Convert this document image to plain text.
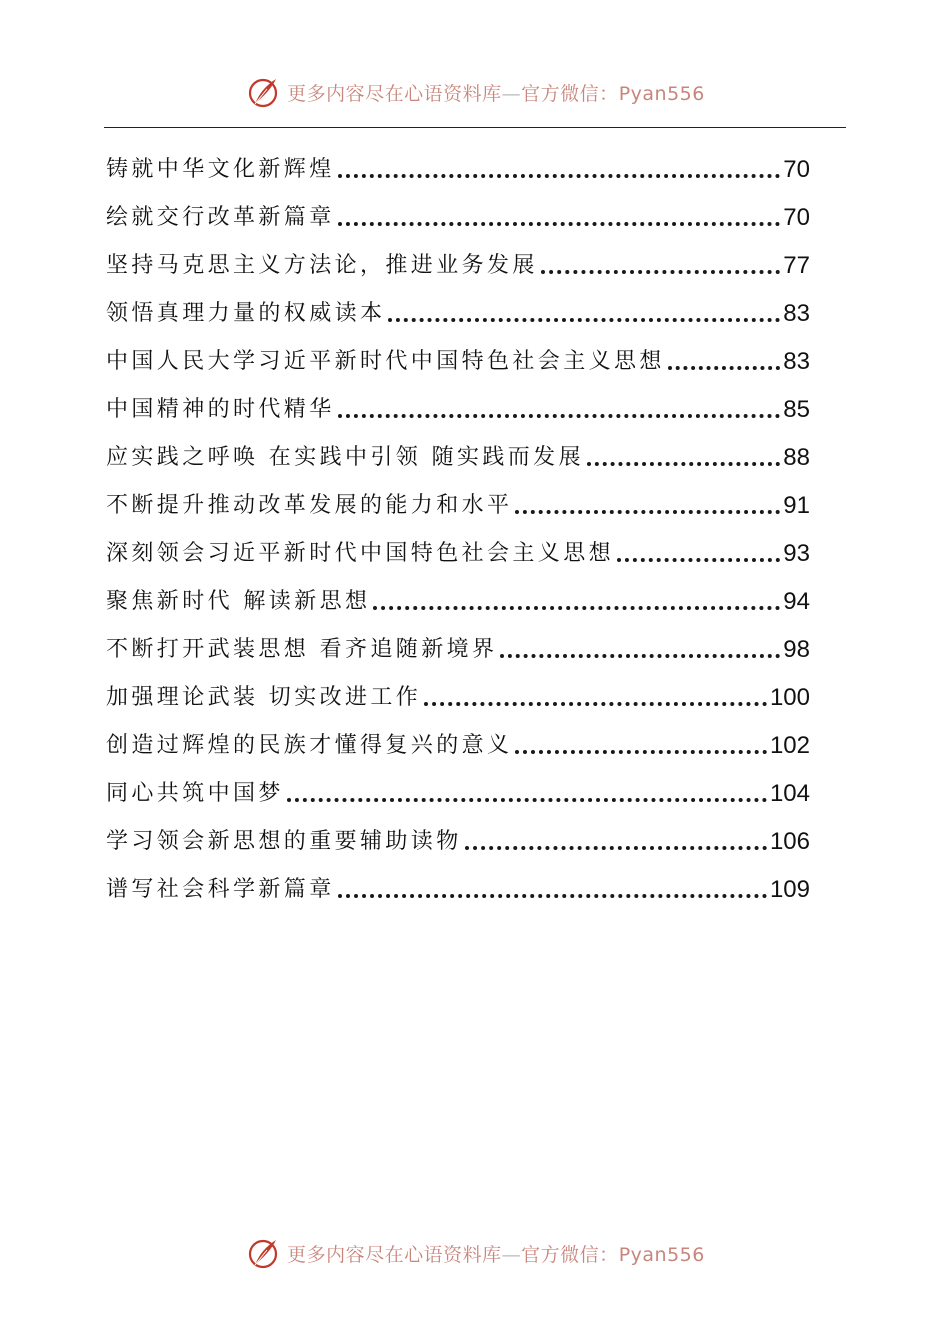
更多内容尽在心语资料库—官方微信：Pyan556
铸就中华文化新辉煌	70
绘就交行改革新篇章	70
坚持马克思主义方法论，推进业务发展	77
领悟真理力量的权威读本	83
中国人民大学习近平新时代中国特色社会主义思想	83
中国精神的时代精华	85
应实践之呼唤 在实践中引领 随实践而发展	88
不断提升推动改革发展的能力和水平	91
深刻领会习近平新时代中国特色社会主义思想	93
聚焦新时代 解读新思想	94
不断打开武装思想 看齐追随新境界	98
加强理论武装 切实改进工作	100
创造过辉煌的民族才懂得复兴的意义	102
同心共筑中国梦	104
学习领会新思想的重要辅助读物	106
谱写社会科学新篇章	109
更多内容尽在心语资料库—官方微信：Pyan556
